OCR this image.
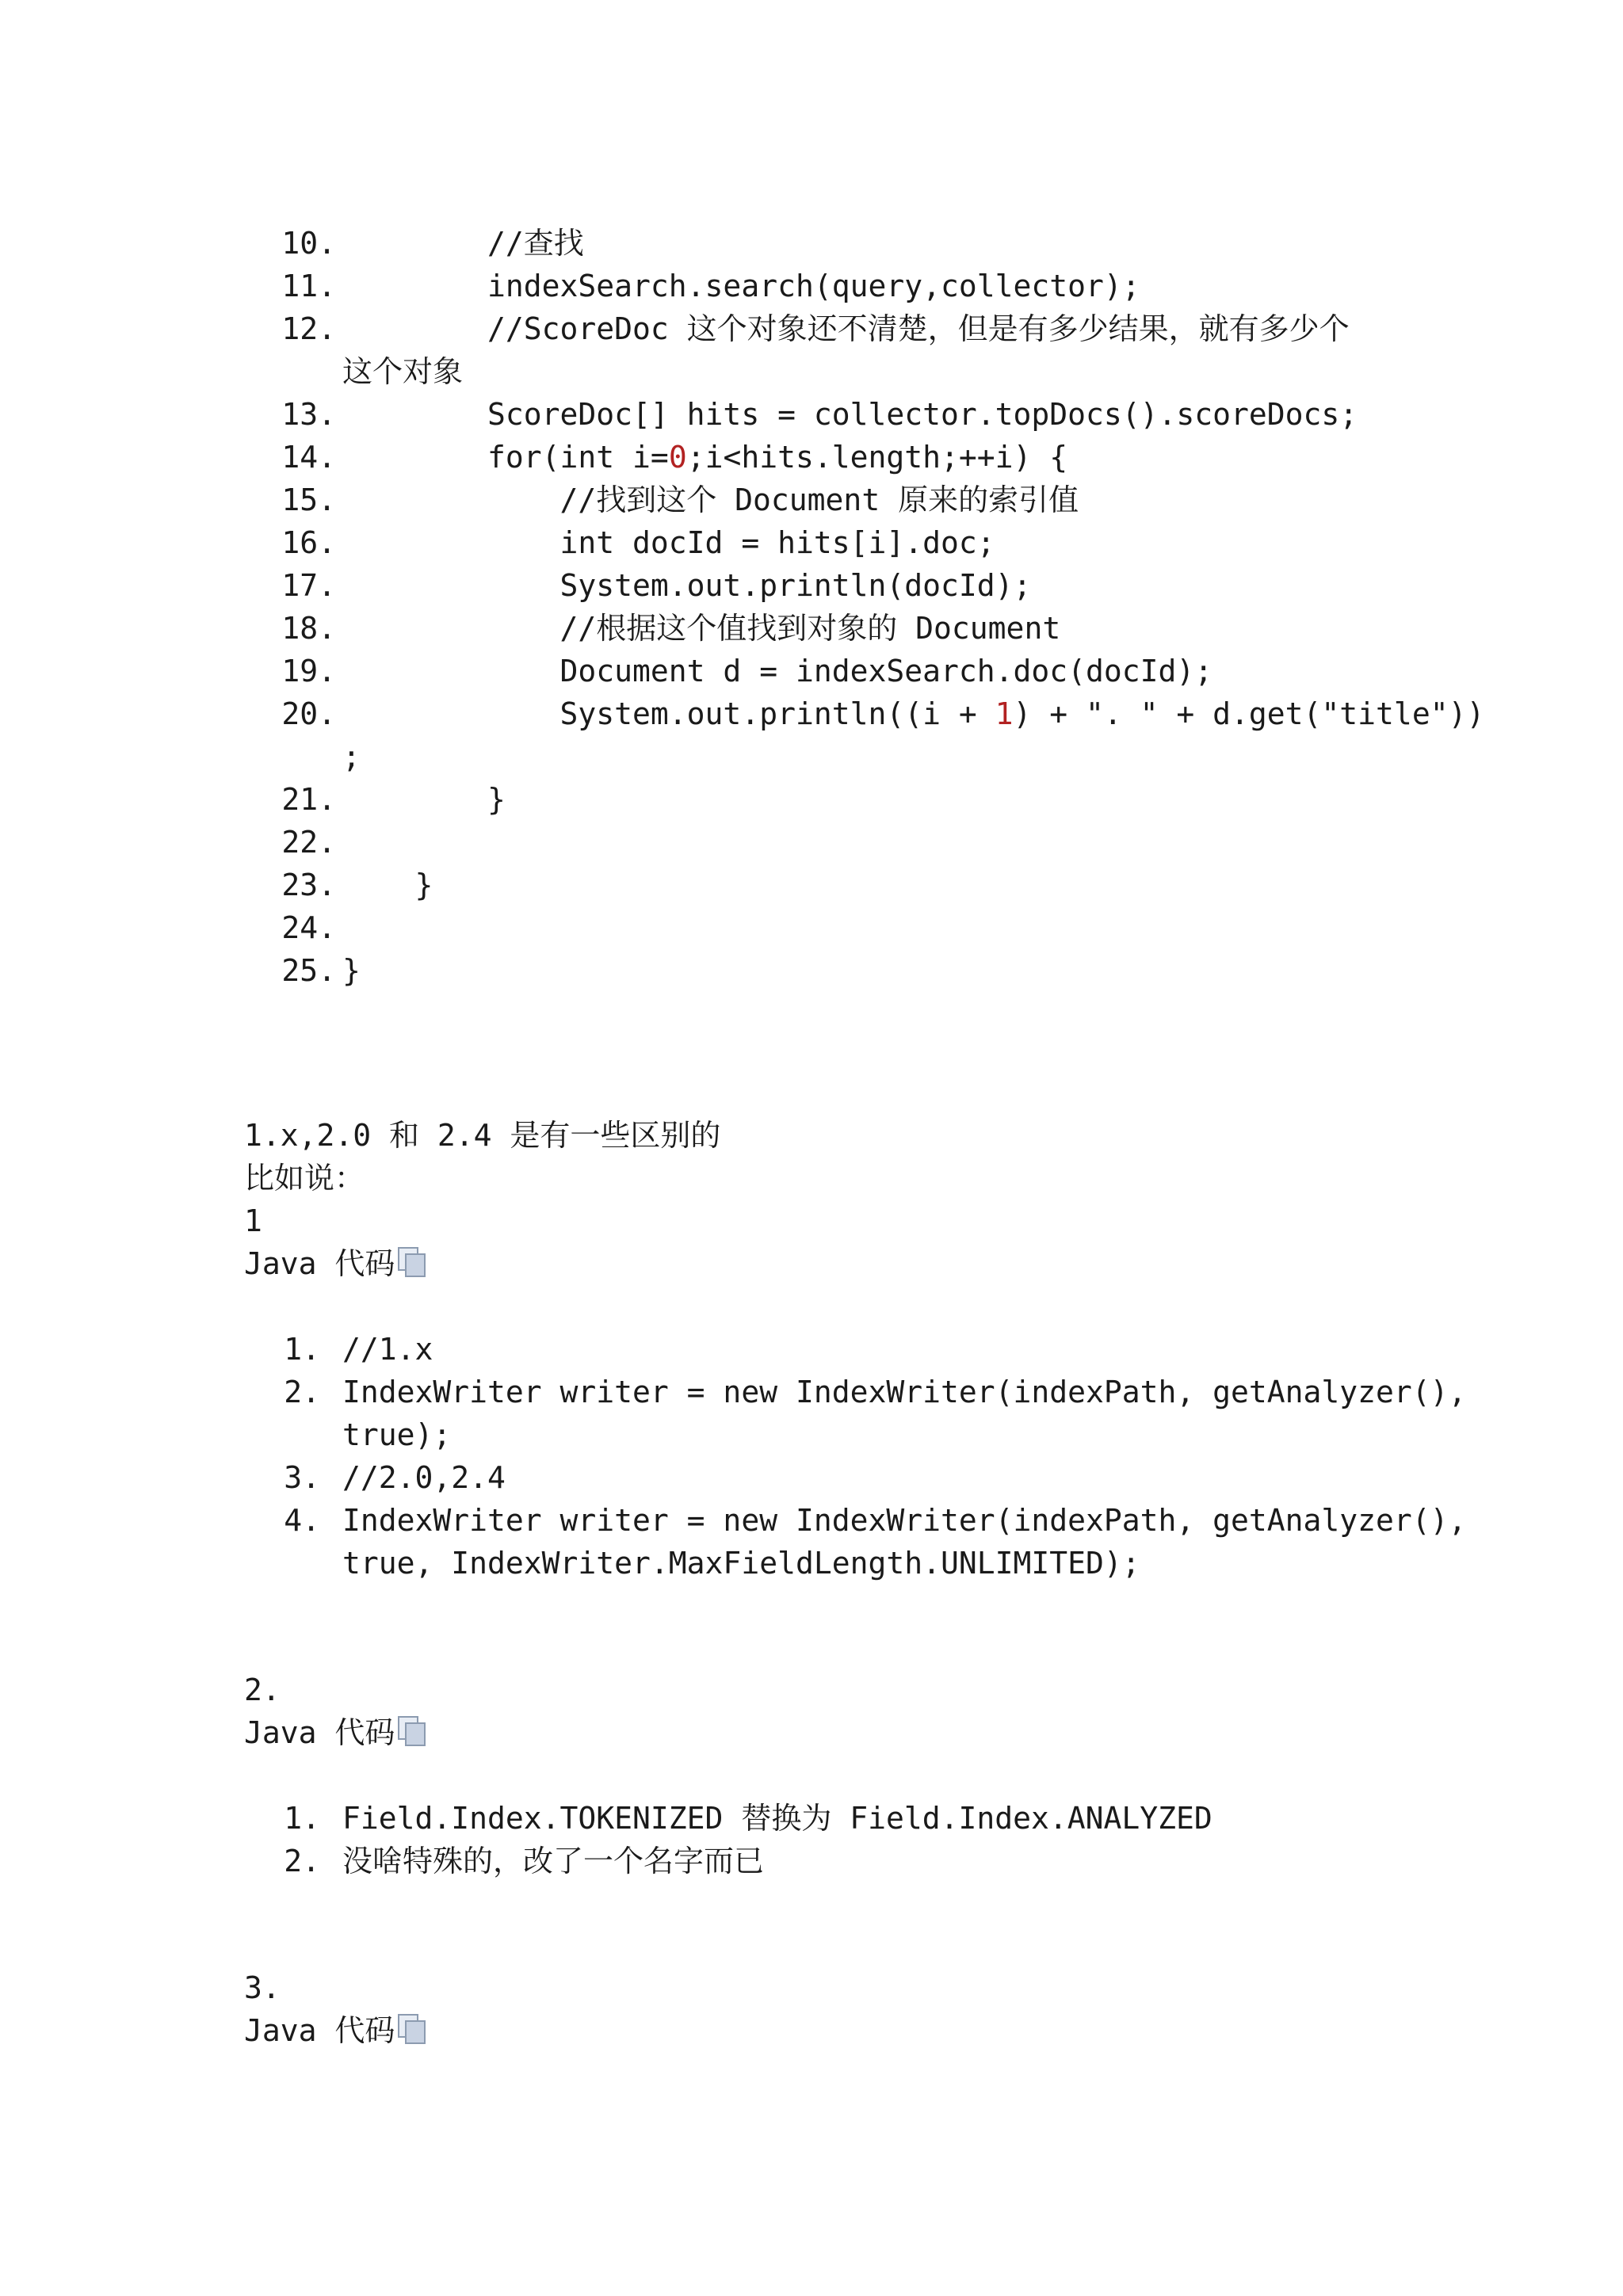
10. //查找
11. indexSearch.search(query,collector);
12. //ScoreDoc 这个对象还不清楚，但是有多少结果，就有多少个
这个对象
13. ScoreDoc[] hits = collector.topDocs().scoreDocs;
14. for(int i=0;i<hits.length;++i) {
15. //找到这个 Document 原来的索引值
16. int docId = hits[i].doc;
17. System.out.println(docId);
18. //根据这个值找到对象的 Document
19. Document d = indexSearch.doc(docId);
20. System.out.println((i + 1) + ". " + d.get("title"))
;
21. }
22.
23. }
24.
25. }
1.x,2.0 和 2.4 是有一些区别的
比如说：
1
Java 代码
1. //1.x
2. IndexWriter writer = new IndexWriter(indexPath, getAnalyzer(),
true);
3. //2.0,2.4
4. IndexWriter writer = new IndexWriter(indexPath, getAnalyzer(),
true, IndexWriter.MaxFieldLength.UNLIMITED);
2.
Java 代码
1. Field.Index.TOKENIZED 替换为 Field.Index.ANALYZED
2. 没啥特殊的，改了一个名字而已
3.
Java 代码
